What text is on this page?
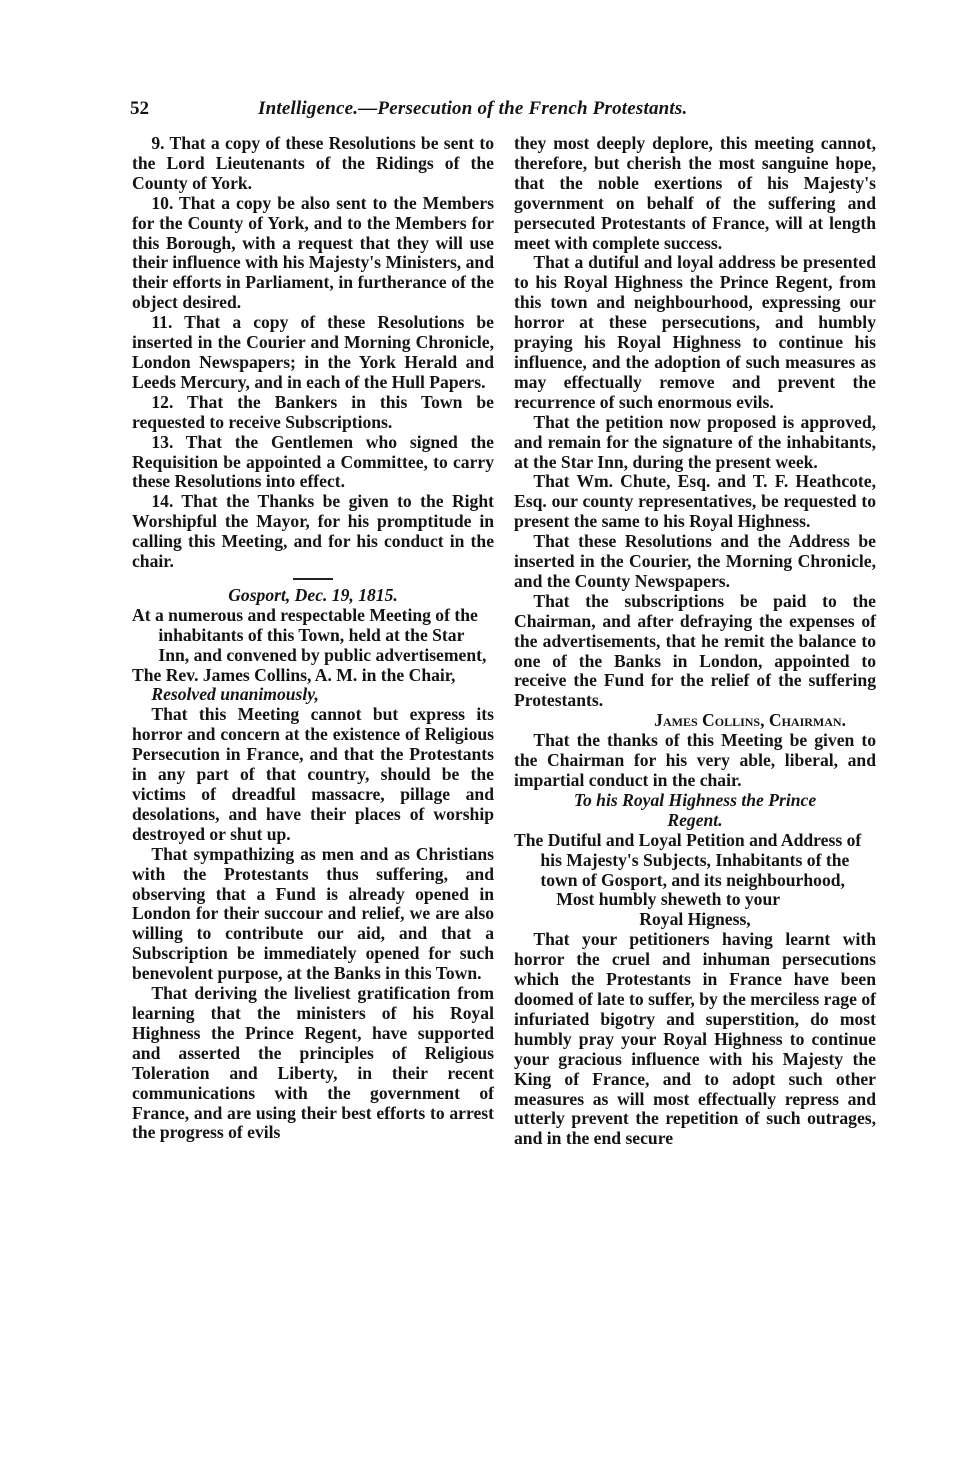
52	Intelligence.—Persecution of the French Protestants.

9. That a copy of these Resolutions be sent to the Lord Lieutenants of the Ridings of the County of York.

10. That a copy be also sent to the Members for the County of York, and to the Members for this Borough, with a request that they will use their influence with his Majesty's Ministers, and their efforts in Parliament, in furtherance of the object desired.

11. That a copy of these Resolutions be inserted in the Courier and Morning Chronicle, London Newspapers; in the York Herald and Leeds Mercury, and in each of the Hull Papers.

12. That the Bankers in this Town be requested to receive Subscriptions.

13. That the Gentlemen who signed the Requisition be appointed a Committee, to carry these Resolutions into effect.

14. That the Thanks be given to the Right Worshipful the Mayor, for his promptitude in calling this Meeting, and for his conduct in the chair.

Gosport, Dec. 19, 1815.

At a numerous and respectable Meeting of the inhabitants of this Town, held at the Star Inn, and convened by public advertisement,

The Rev. James Collins, A. M. in the Chair,

Resolved unanimously,

That this Meeting cannot but express its horror and concern at the existence of Religious Persecution in France, and that the Protestants in any part of that country, should be the victims of dreadful massacre, pillage and desolations, and have their places of worship destroyed or shut up.

That sympathizing as men and as Christians with the Protestants thus suffering, and observing that a Fund is already opened in London for their succour and relief, we are also willing to contribute our aid, and that a Subscription be immediately opened for such benevolent purpose, at the Banks in this Town.

That deriving the liveliest gratification from learning that the ministers of his Royal Highness the Prince Regent, have supported and asserted the principles of Religious Toleration and Liberty, in their recent communications with the government of France, and are using their best efforts to arrest the progress of evils

they most deeply deplore, this meeting cannot, therefore, but cherish the most sanguine hope, that the noble exertions of his Majesty's government on behalf of the suffering and persecuted Protestants of France, will at length meet with complete success.

That a dutiful and loyal address be presented to his Royal Highness the Prince Regent, from this town and neighbourhood, expressing our horror at these persecutions, and humbly praying his Royal Highness to continue his influence, and the adoption of such measures as may effectually remove and prevent the recurrence of such enormous evils.

That the petition now proposed is approved, and remain for the signature of the inhabitants, at the Star Inn, during the present week.

That Wm. Chute, Esq. and T. F. Heathcote, Esq. our county representatives, be requested to present the same to his Royal Highness.

That these Resolutions and the Address be inserted in the Courier, the Morning Chronicle, and the County Newspapers.

That the subscriptions be paid to the Chairman, and after defraying the expenses of the advertisements, that he remit the balance to one of the Banks in London, appointed to receive the Fund for the relief of the suffering Protestants.

James Collins, Chairman.

That the thanks of this Meeting be given to the Chairman for his very able, liberal, and impartial conduct in the chair.

To his Royal Highness the Prince

Regent.

The Dutiful and Loyal Petition and Address of his Majesty's Subjects, Inhabitants of the town of Gosport, and its neighbourhood,

Most humbly sheweth to your

Royal Higness,

That your petitioners having learnt with horror the cruel and inhuman persecutions which the Protestants in France have been doomed of late to suffer, by the merciless rage of infuriated bigotry and superstition, do most humbly pray your Royal Highness to continue your gracious influence with his Majesty the King of France, and to adopt such other measures as will most effectually repress and utterly prevent the repetition of such outrages, and in the end secure
